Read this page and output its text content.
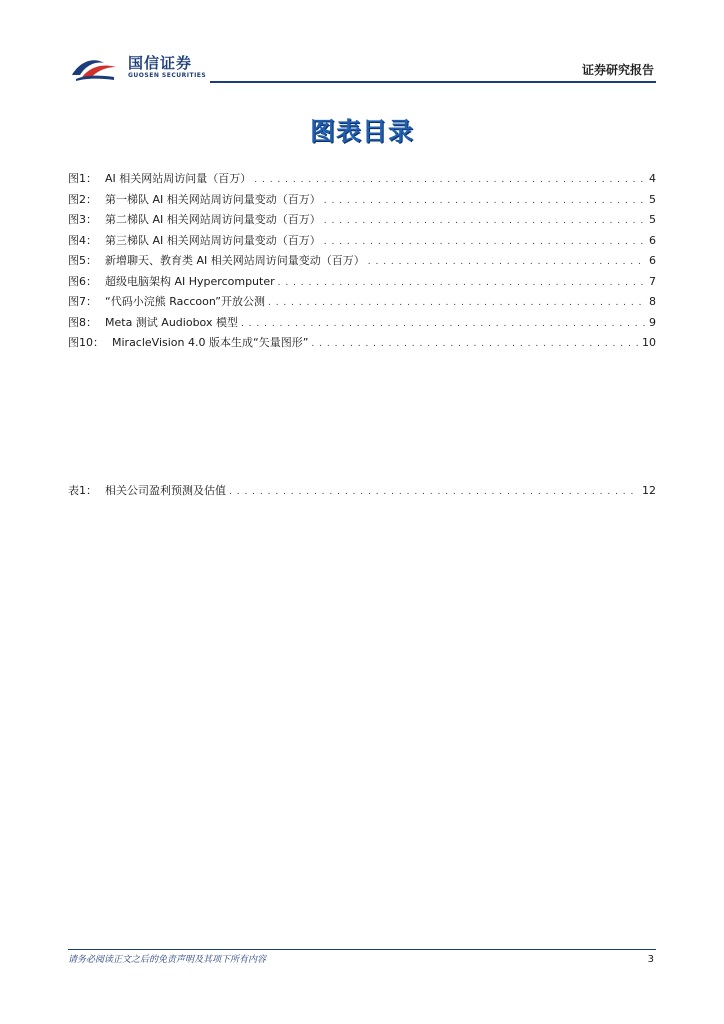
国信证券
GUOSEN SECURITIES	证券研究报告
图表目录
图1： AI 相关网站周访问量（百万） . . .	4
图2： 第一梯队 AI 相关网站周访问量变动（百万） . . .	5
图3： 第二梯队 AI 相关网站周访问量变动（百万） . . .	5
图4： 第三梯队 AI 相关网站周访问量变动（百万） . . .	6
图5： 新增聊天、教育类 AI 相关网站周访问量变动（百万） . . .	6
图6： 超级电脑架构 AI Hypercomputer . . .	7
图7： “代码小浣熊 Raccoon”开放公测 . . .	8
图8： Meta 测试 Audiobox 模型 . . .	9
图10： MiracleVision 4.0 版本生成“矢量图形” . . .	10
表1： 相关公司盈利预测及估值 . . .	12
请务必阅读正文之后的免责声明及其项下所有内容	3
